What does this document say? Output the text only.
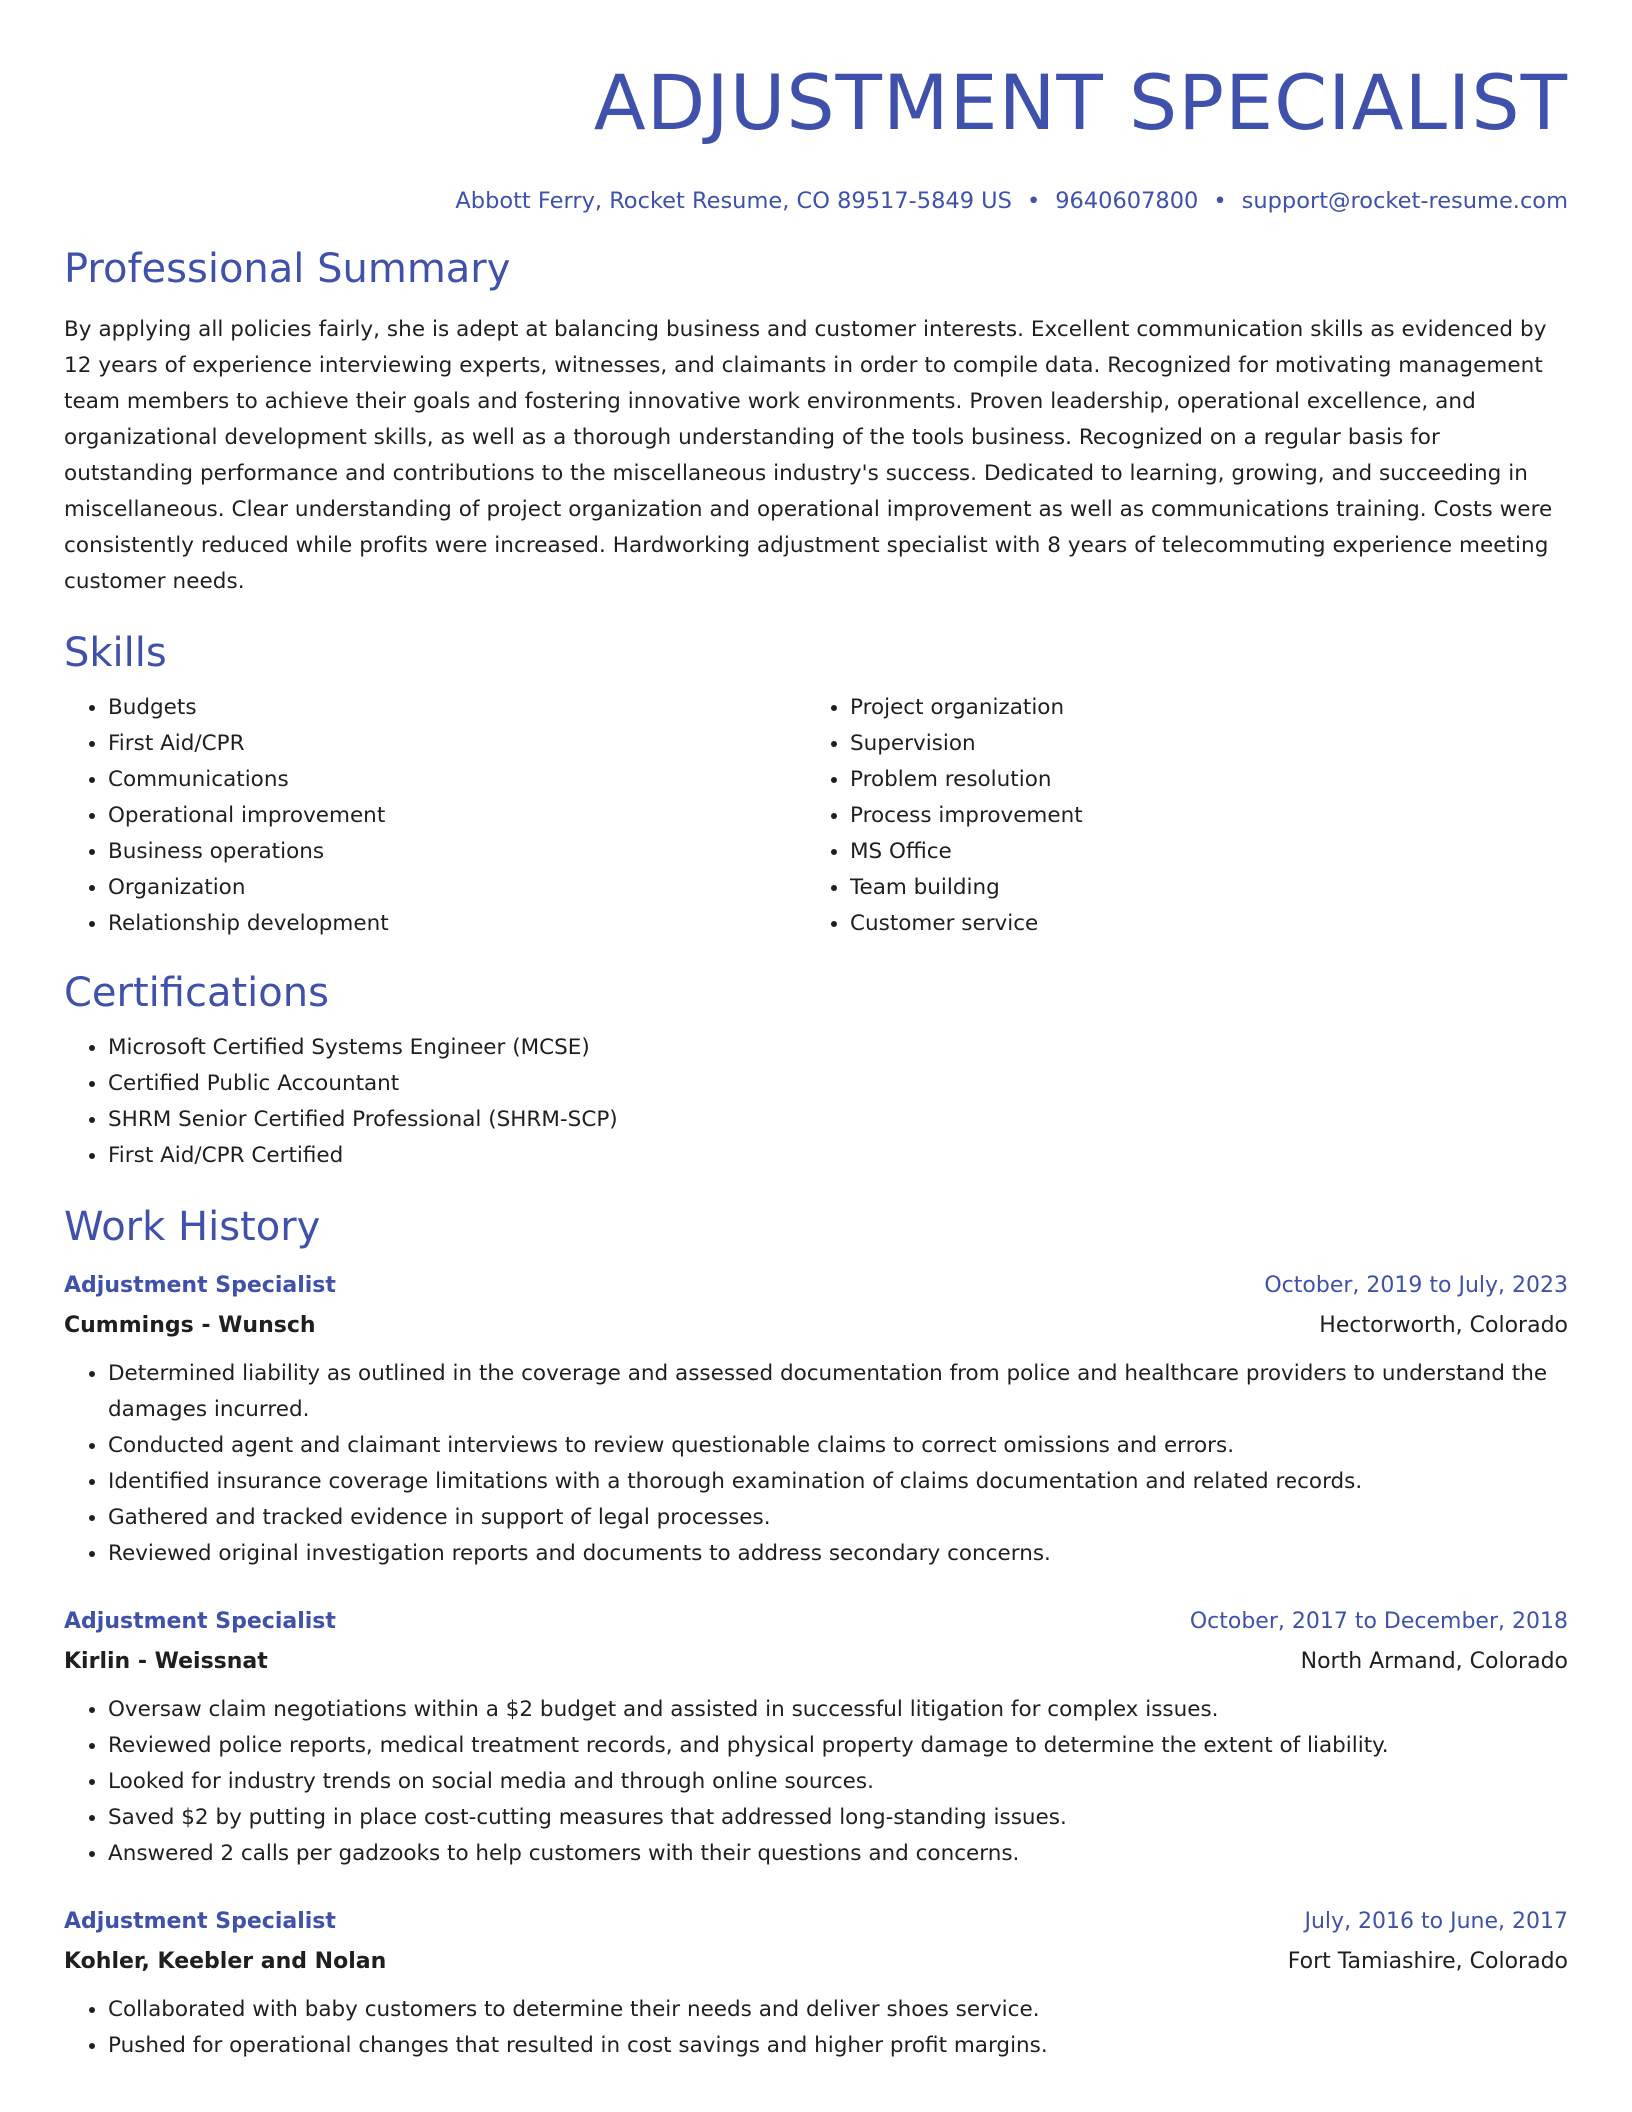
ADJUSTMENT SPECIALIST
Abbott Ferry, Rocket Resume, CO 89517-5849 US • 9640607800 • support@rocket-resume.com
Professional Summary
By applying all policies fairly, she is adept at balancing business and customer interests. Excellent communication skills as evidenced by 12 years of experience interviewing experts, witnesses, and claimants in order to compile data. Recognized for motivating management team members to achieve their goals and fostering innovative work environments. Proven leadership, operational excellence, and organizational development skills, as well as a thorough understanding of the tools business. Recognized on a regular basis for outstanding performance and contributions to the miscellaneous industry's success. Dedicated to learning, growing, and succeeding in miscellaneous. Clear understanding of project organization and operational improvement as well as communications training. Costs were consistently reduced while profits were increased. Hardworking adjustment specialist with 8 years of telecommuting experience meeting customer needs.
Skills
• Budgets
• First Aid/CPR
• Communications
• Operational improvement
• Business operations
• Organization
• Relationship development
• Project organization
• Supervision
• Problem resolution
• Process improvement
• MS Office
• Team building
• Customer service
Certifications
• Microsoft Certified Systems Engineer (MCSE)
• Certified Public Accountant
• SHRM Senior Certified Professional (SHRM-SCP)
• First Aid/CPR Certified
Work History
Adjustment Specialist	October, 2019 to July, 2023
Cummings - Wunsch	Hectorworth, Colorado
• Determined liability as outlined in the coverage and assessed documentation from police and healthcare providers to understand the damages incurred.
• Conducted agent and claimant interviews to review questionable claims to correct omissions and errors.
• Identified insurance coverage limitations with a thorough examination of claims documentation and related records.
• Gathered and tracked evidence in support of legal processes.
• Reviewed original investigation reports and documents to address secondary concerns.
Adjustment Specialist	October, 2017 to December, 2018
Kirlin - Weissnat	North Armand, Colorado
• Oversaw claim negotiations within a $2 budget and assisted in successful litigation for complex issues.
• Reviewed police reports, medical treatment records, and physical property damage to determine the extent of liability.
• Looked for industry trends on social media and through online sources.
• Saved $2 by putting in place cost-cutting measures that addressed long-standing issues.
• Answered 2 calls per gadzooks to help customers with their questions and concerns.
Adjustment Specialist	July, 2016 to June, 2017
Kohler, Keebler and Nolan	Fort Tamiashire, Colorado
• Collaborated with baby customers to determine their needs and deliver shoes service.
• Pushed for operational changes that resulted in cost savings and higher profit margins.
